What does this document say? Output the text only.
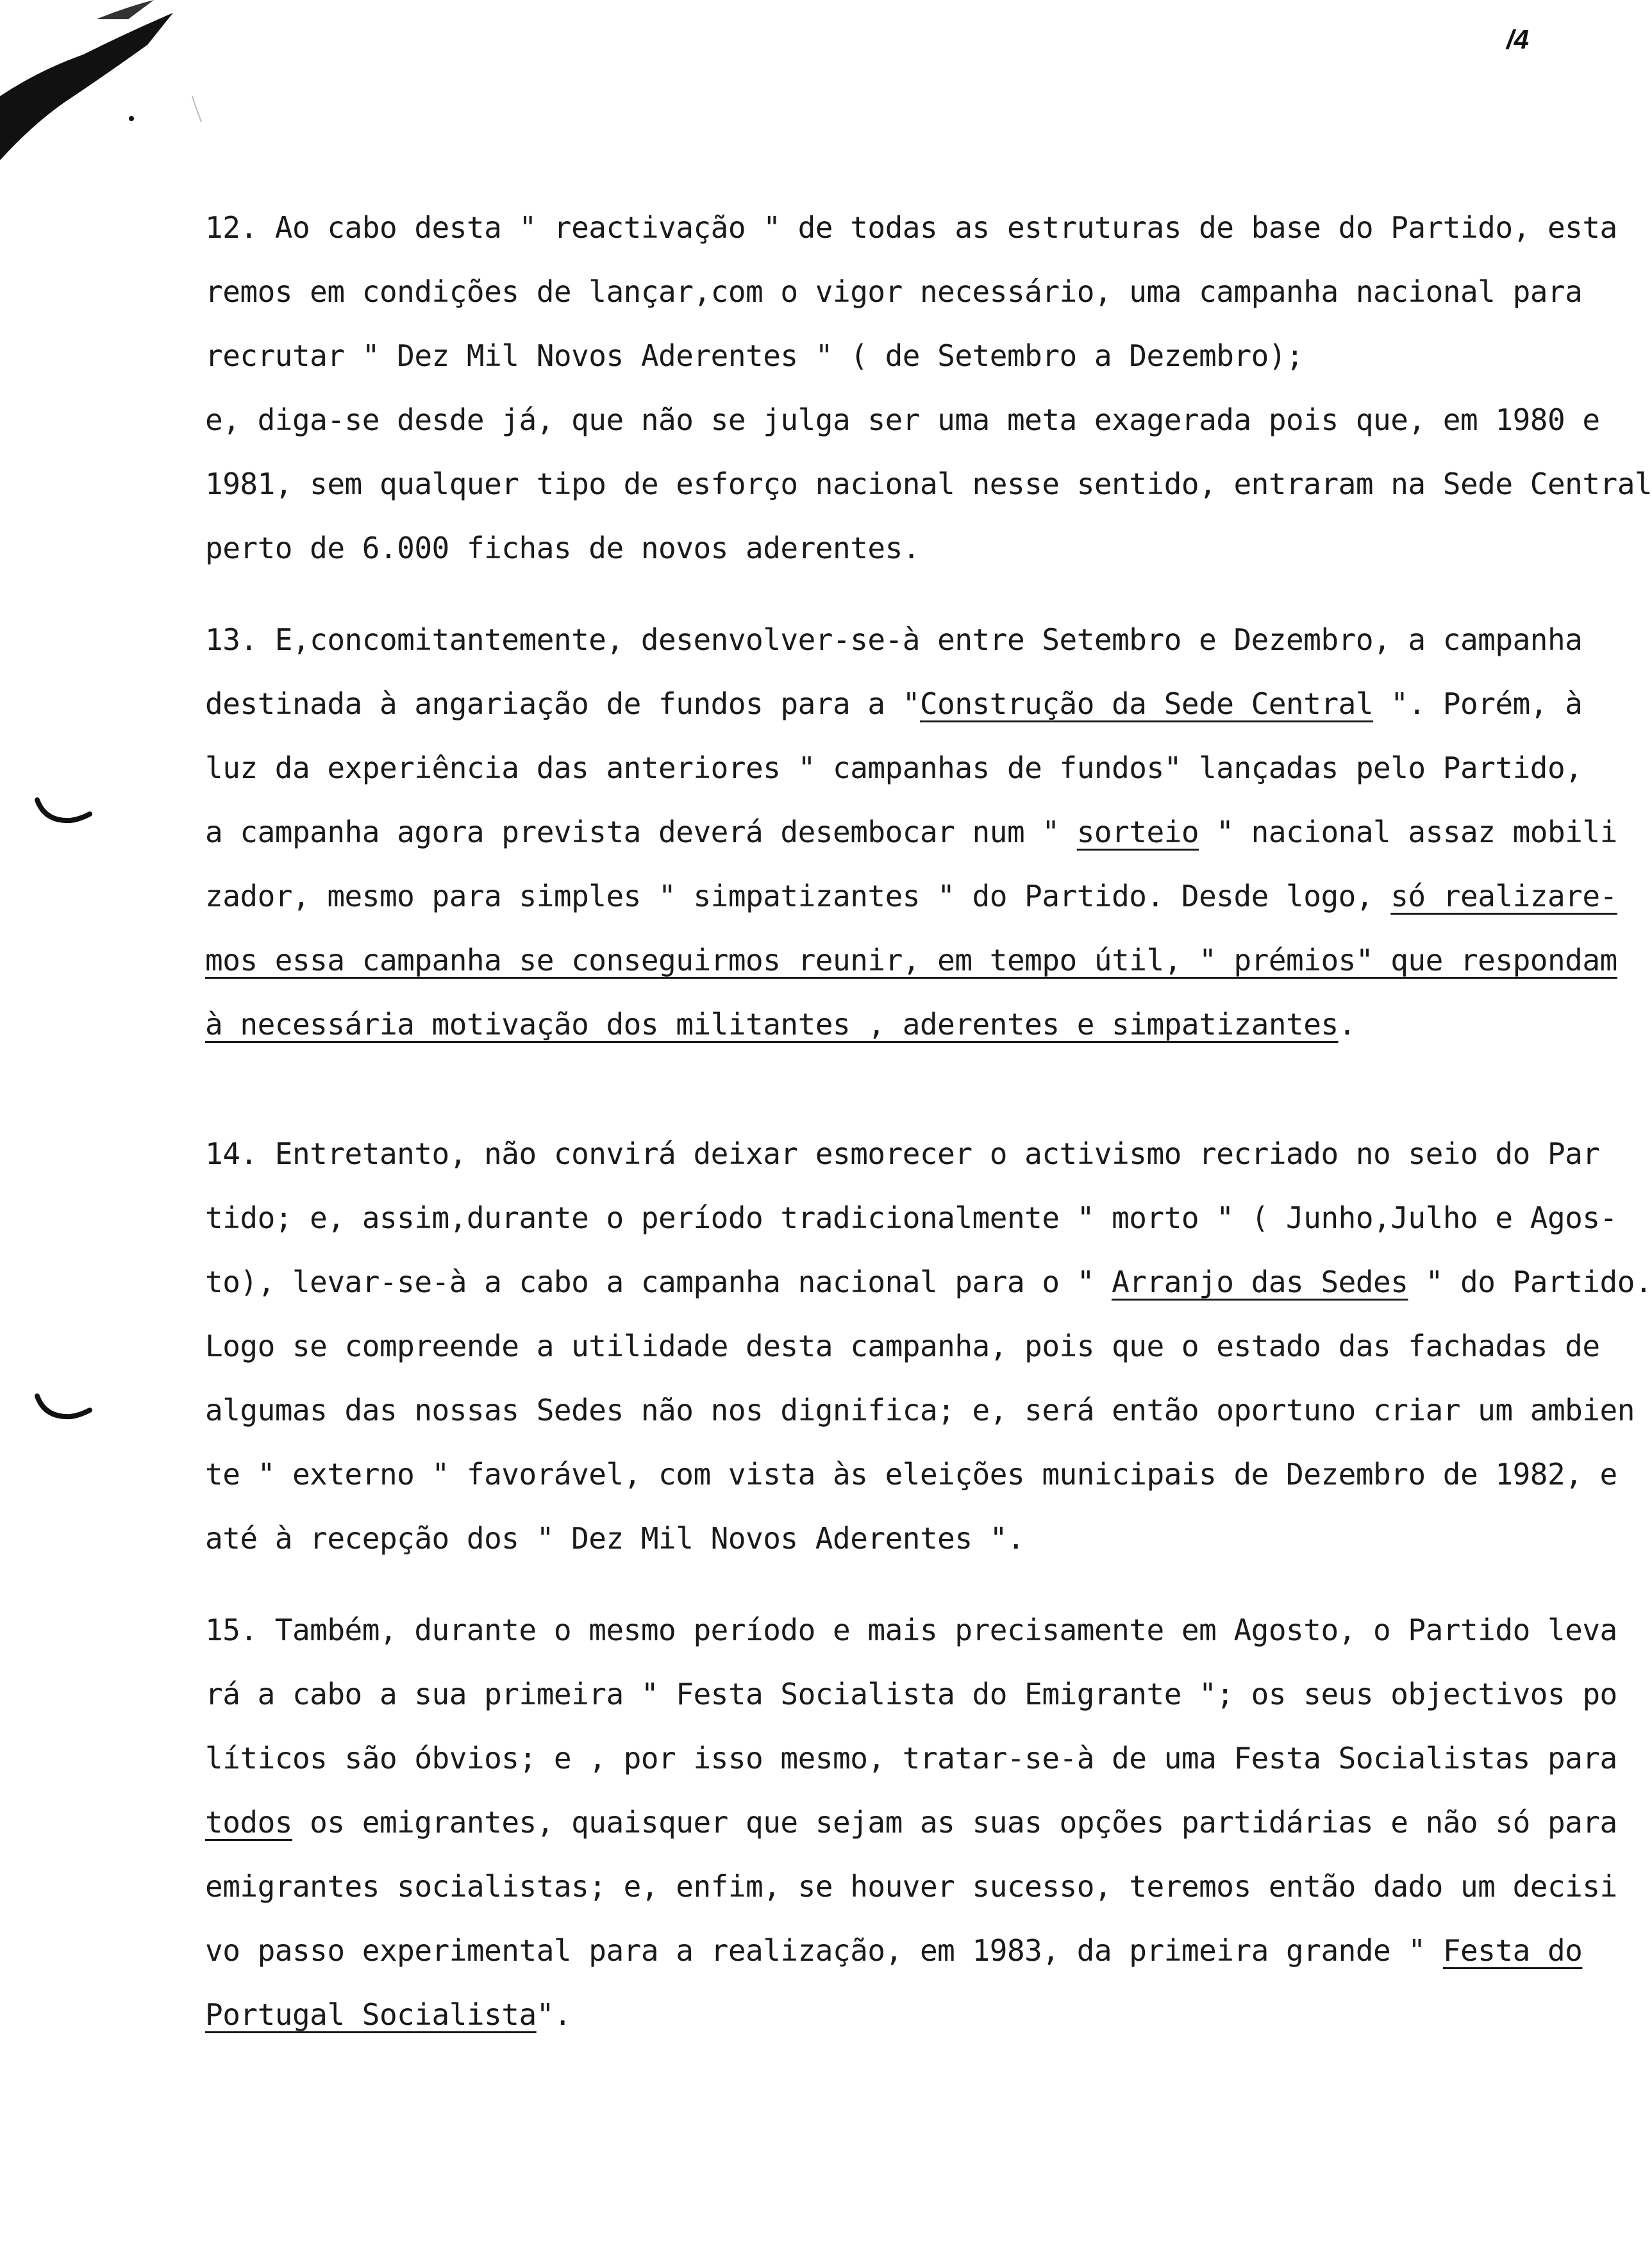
/4
12. Ao cabo desta " reactivação " de todas as estruturas de base do Partido, esta
remos em condições de lançar,com o vigor necessário, uma campanha nacional para
recrutar " Dez Mil Novos Aderentes " ( de Setembro a Dezembro);
e, diga-se desde já, que não se julga ser uma meta exagerada pois que, em 1980 e
1981, sem qualquer tipo de esforço nacional nesse sentido, entraram na Sede Central
perto de 6.000 fichas de novos aderentes.
13. E,concomitantemente, desenvolver-se-à entre Setembro e Dezembro, a campanha
destinada à angariação de fundos para a "Construção da Sede Central ". Porém, à
luz da experiência das anteriores " campanhas de fundos" lançadas pelo Partido,
a campanha agora prevista deverá desembocar num " sorteio " nacional assaz mobili
zador, mesmo para simples " simpatizantes " do Partido. Desde logo, só realizare-
mos essa campanha se conseguirmos reunir, em tempo útil, " prémios" que respondam
à necessária motivação dos militantes , aderentes e simpatizantes.
14. Entretanto, não convirá deixar esmorecer o activismo recriado no seio do Par
tido; e, assim,durante o período tradicionalmente " morto " ( Junho,Julho e Agos-
to), levar-se-à a cabo a campanha nacional para o " Arranjo das Sedes " do Partido.
Logo se compreende a utilidade desta campanha, pois que o estado das fachadas de
algumas das nossas Sedes não nos dignifica; e, será então oportuno criar um ambien
te " externo " favorável, com vista às eleições municipais de Dezembro de 1982, e
até à recepção dos " Dez Mil Novos Aderentes ".
15. Também, durante o mesmo período e mais precisamente em Agosto, o Partido leva
rá a cabo a sua primeira " Festa Socialista do Emigrante "; os seus objectivos po
líticos são óbvios; e , por isso mesmo, tratar-se-à de uma Festa Socialistas para
todos os emigrantes, quaisquer que sejam as suas opções partidárias e não só para
emigrantes socialistas; e, enfim, se houver sucesso, teremos então dado um decisi
vo passo experimental para a realização, em 1983, da primeira grande " Festa do
Portugal Socialista".
